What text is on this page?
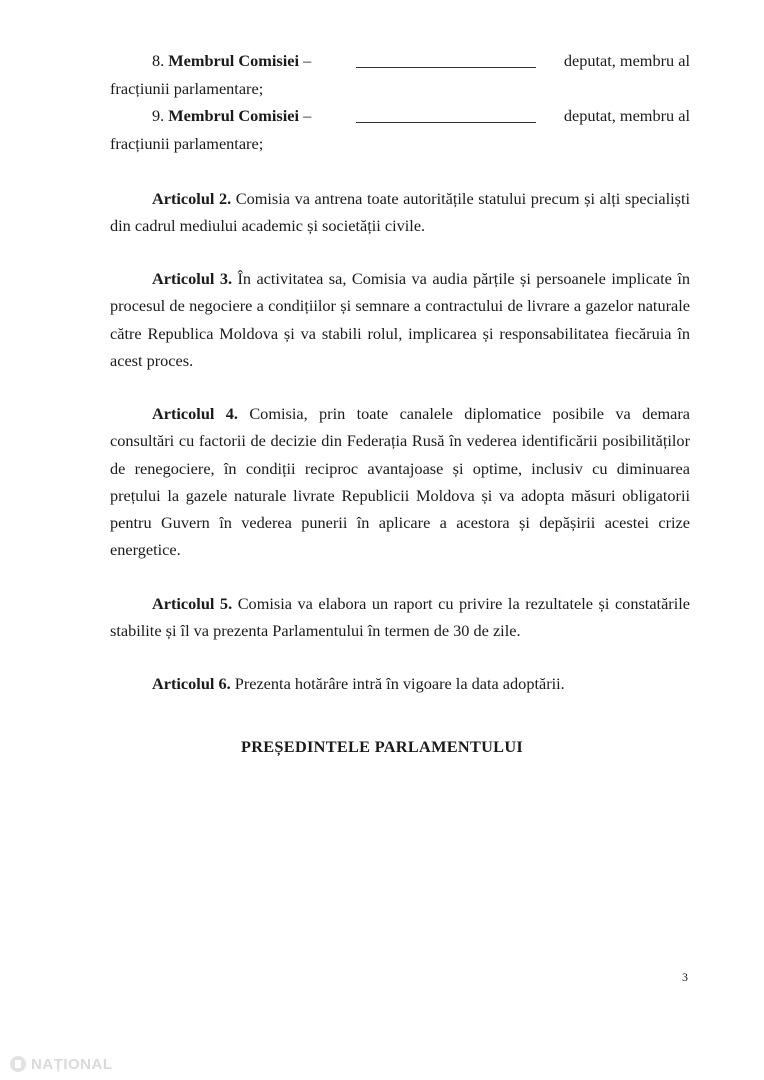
8. Membrul Comisiei –	deputat, membru al
fracțiunii parlamentare;
9. Membrul Comisiei –	deputat, membru al
fracțiunii parlamentare;

Articolul 2. Comisia va antrena toate autoritățile statului precum și alți specialiști din cadrul mediului academic și societății civile.

Articolul 3. În activitatea sa, Comisia va audia părțile și persoanele implicate în procesul de negociere a condițiilor și semnare a contractului de livrare a gazelor naturale către Republica Moldova și va stabili rolul, implicarea și responsabilitatea fiecăruia în acest proces.

Articolul 4. Comisia, prin toate canalele diplomatice posibile va demara consultări cu factorii de decizie din Federația Rusă în vederea identificării posibilităților de renegociere, în condiții reciproc avantajoase și optime, inclusiv cu diminuarea prețului la gazele naturale livrate Republicii Moldova și va adopta măsuri obligatorii pentru Guvern în vederea punerii în aplicare a acestora și depășirii acestei crize energetice.

Articolul 5. Comisia va elabora un raport cu privire la rezultatele și constatările stabilite și îl va prezenta Parlamentului în termen de 30 de zile.

Articolul 6. Prezenta hotărâre intră în vigoare la data adoptării.

PREȘEDINTELE PARLAMENTULUI
3
NAȚIONAL
